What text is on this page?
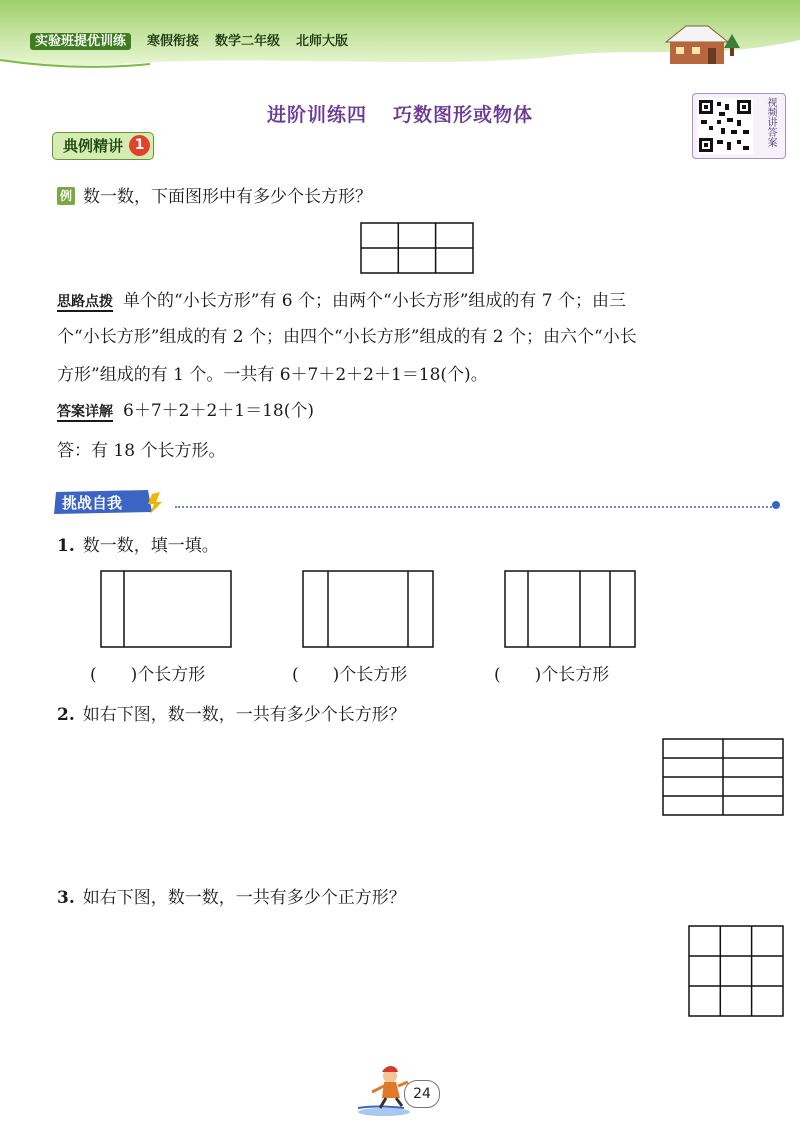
实验班提优训练 寒假衔接 数学二年级 北师大版
进阶训练四 巧数图形或物体	视频讲答案
典例精讲 1
例 数一数，下面图形中有多少个长方形？
思路点拨 单个的“小长方形”有 6 个；由两个“小长方形”组成的有 7 个；由三
个“小长方形”组成的有 2 个；由四个“小长方形”组成的有 2 个；由六个“小长
方形”组成的有 1 个。一共有 6＋7＋2＋2＋1＝18(个)。
答案详解 6＋7＋2＋2＋1＝18(个)
答：有 18 个长方形。
挑战自我
1. 数一数，填一填。
(　　)个长方形	(　　)个长方形	(　　)个长方形
2. 如右下图，数一数，一共有多少个长方形？
3. 如右下图，数一数，一共有多少个正方形？
24
